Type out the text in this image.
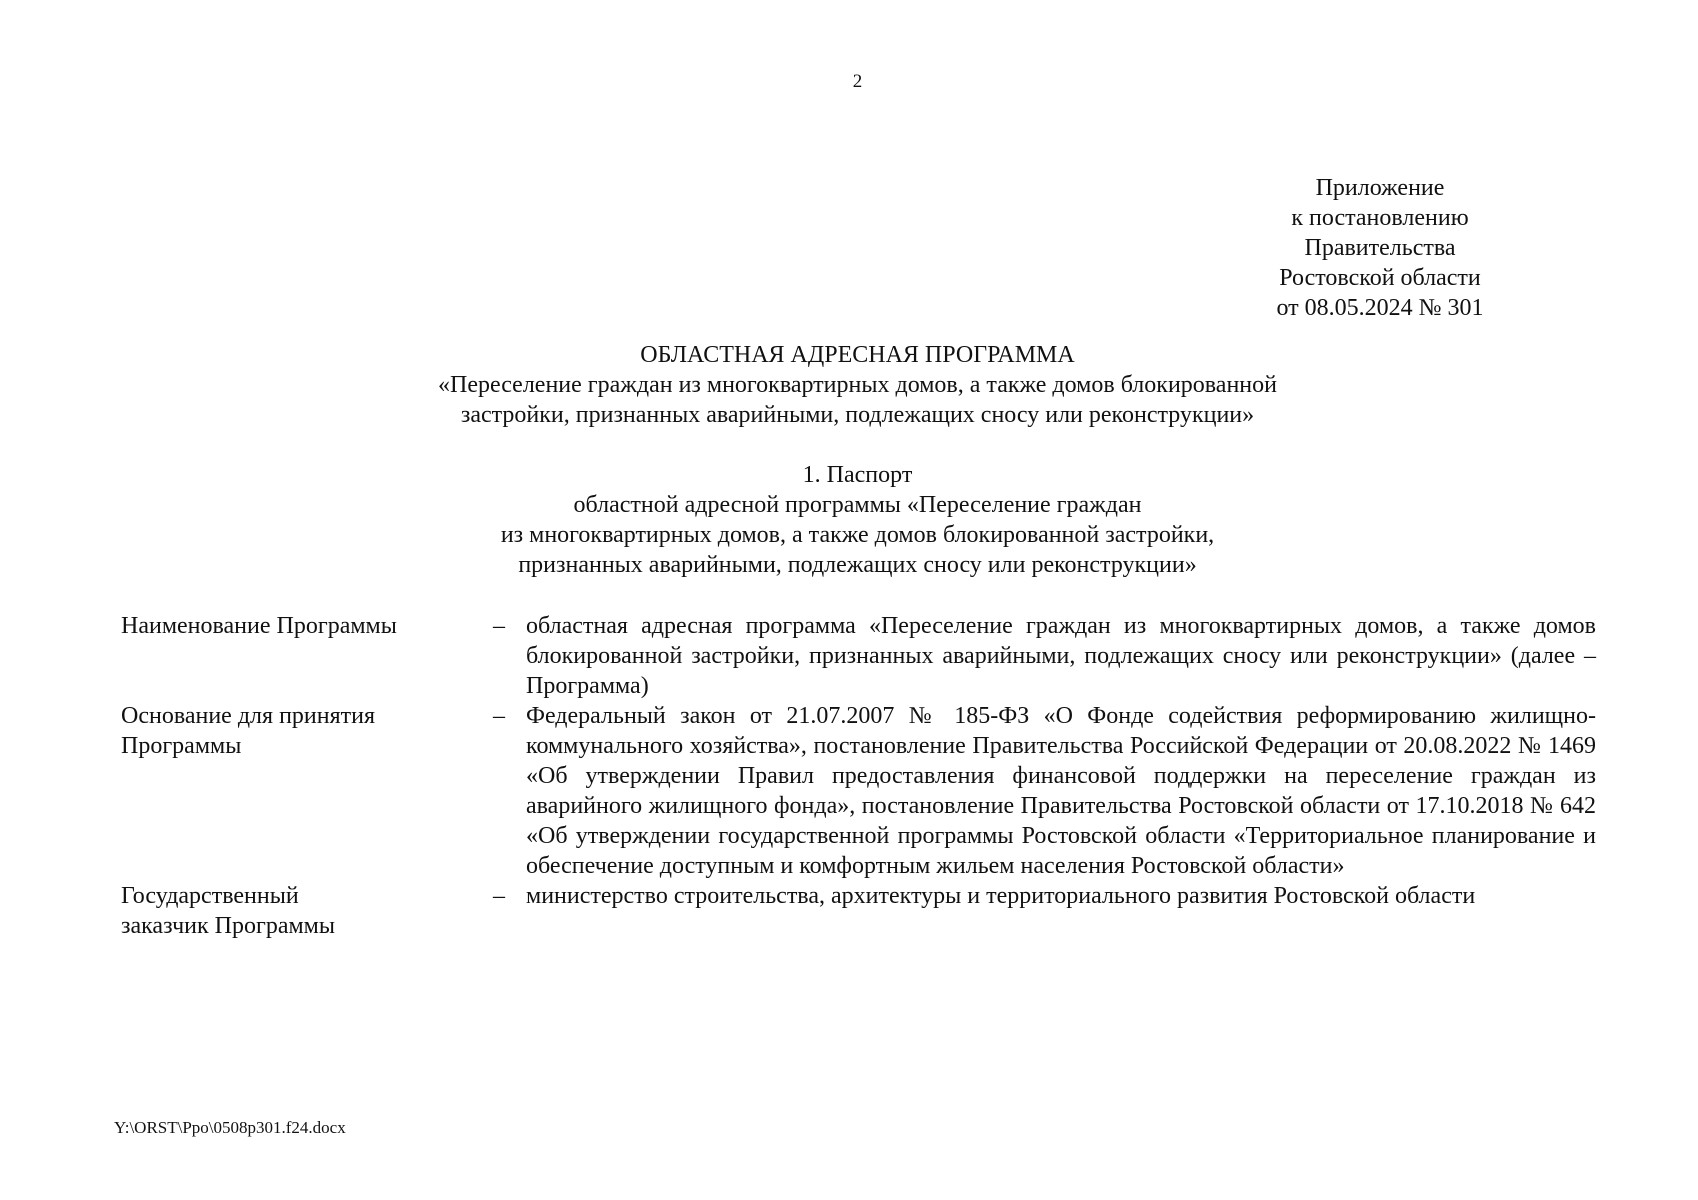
2
Приложение
к постановлению
Правительства
Ростовской области
от 08.05.2024 № 301
ОБЛАСТНАЯ АДРЕСНАЯ ПРОГРАММА
«Переселение граждан из многоквартирных домов, а также домов блокированной
застройки, признанных аварийными, подлежащих сносу или реконструкции»
1. Паспорт
областной адресной программы «Переселение граждан
из многоквартирных домов, а также домов блокированной застройки,
признанных аварийными, подлежащих сносу или реконструкции»
Наименование Программы	– областная адресная программа «Переселение граждан из многоквартирных домов, а также домов блокированной застройки, признанных аварийными, подлежащих сносу или реконструкции» (далее – Программа)
Основание для принятия
Программы
– Федеральный закон от 21.07.2007 № 185-ФЗ «О Фонде содействия реформированию жилищно-коммунального хозяйства», постановление Правительства Российской Федерации от 20.08.2022 № 1469 «Об утверждении Правил предоставления финансовой поддержки на переселение граждан из аварийного жилищного фонда», постановление Правительства Ростовской области от 17.10.2018 № 642 «Об утверждении государственной программы Ростовской области «Территориальное планирование и обеспечение доступным и комфортным жильем населения Ростовской области»
Государственный
заказчик Программы
– министерство строительства, архитектуры и территориального развития Ростовской области
Y:\ORST\Ppo\0508p301.f24.docx
